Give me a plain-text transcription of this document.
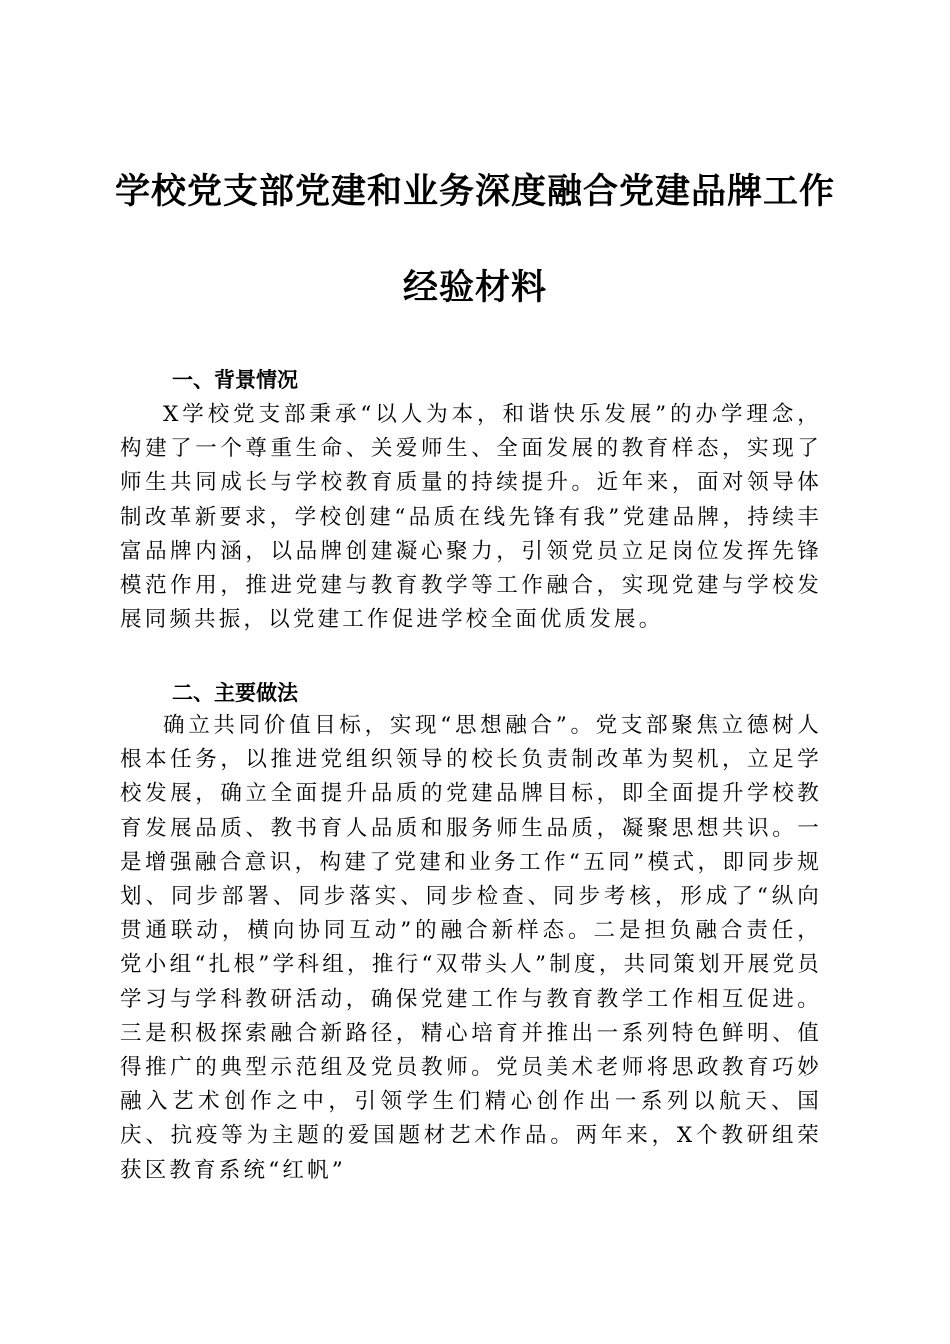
学校党支部党建和业务深度融合党建品牌工作
经验材料
一、背景情况

X学校党支部秉承“以人为本，和谐快乐发展”的办学理念，构建了一个尊重生命、关爱师生、全面发展的教育样态，实现了师生共同成长与学校教育质量的持续提升。近年来，面对领导体制改革新要求，学校创建“品质在线先锋有我”党建品牌，持续丰富品牌内涵，以品牌创建凝心聚力，引领党员立足岗位发挥先锋模范作用，推进党建与教育教学等工作融合，实现党建与学校发展同频共振，以党建工作促进学校全面优质发展。

二、主要做法

确立共同价值目标，实现“思想融合”。党支部聚焦立德树人根本任务，以推进党组织领导的校长负责制改革为契机，立足学校发展，确立全面提升品质的党建品牌目标，即全面提升学校教育发展品质、教书育人品质和服务师生品质，凝聚思想共识。一是增强融合意识，构建了党建和业务工作“五同”模式，即同步规划、同步部署、同步落实、同步检查、同步考核，形成了“纵向贯通联动，横向协同互动”的融合新样态。二是担负融合责任，党小组“扎根”学科组，推行“双带头人”制度，共同策划开展党员学习与学科教研活动，确保党建工作与教育教学工作相互促进。三是积极探索融合新路径，精心培育并推出一系列特色鲜明、值得推广的典型示范组及党员教师。党员美术老师将思政教育巧妙融入艺术创作之中，引领学生们精心创作出一系列以航天、国庆、抗疫等为主题的爱国题材艺术作品。两年来，X个教研组荣获区教育系统“红帆”
